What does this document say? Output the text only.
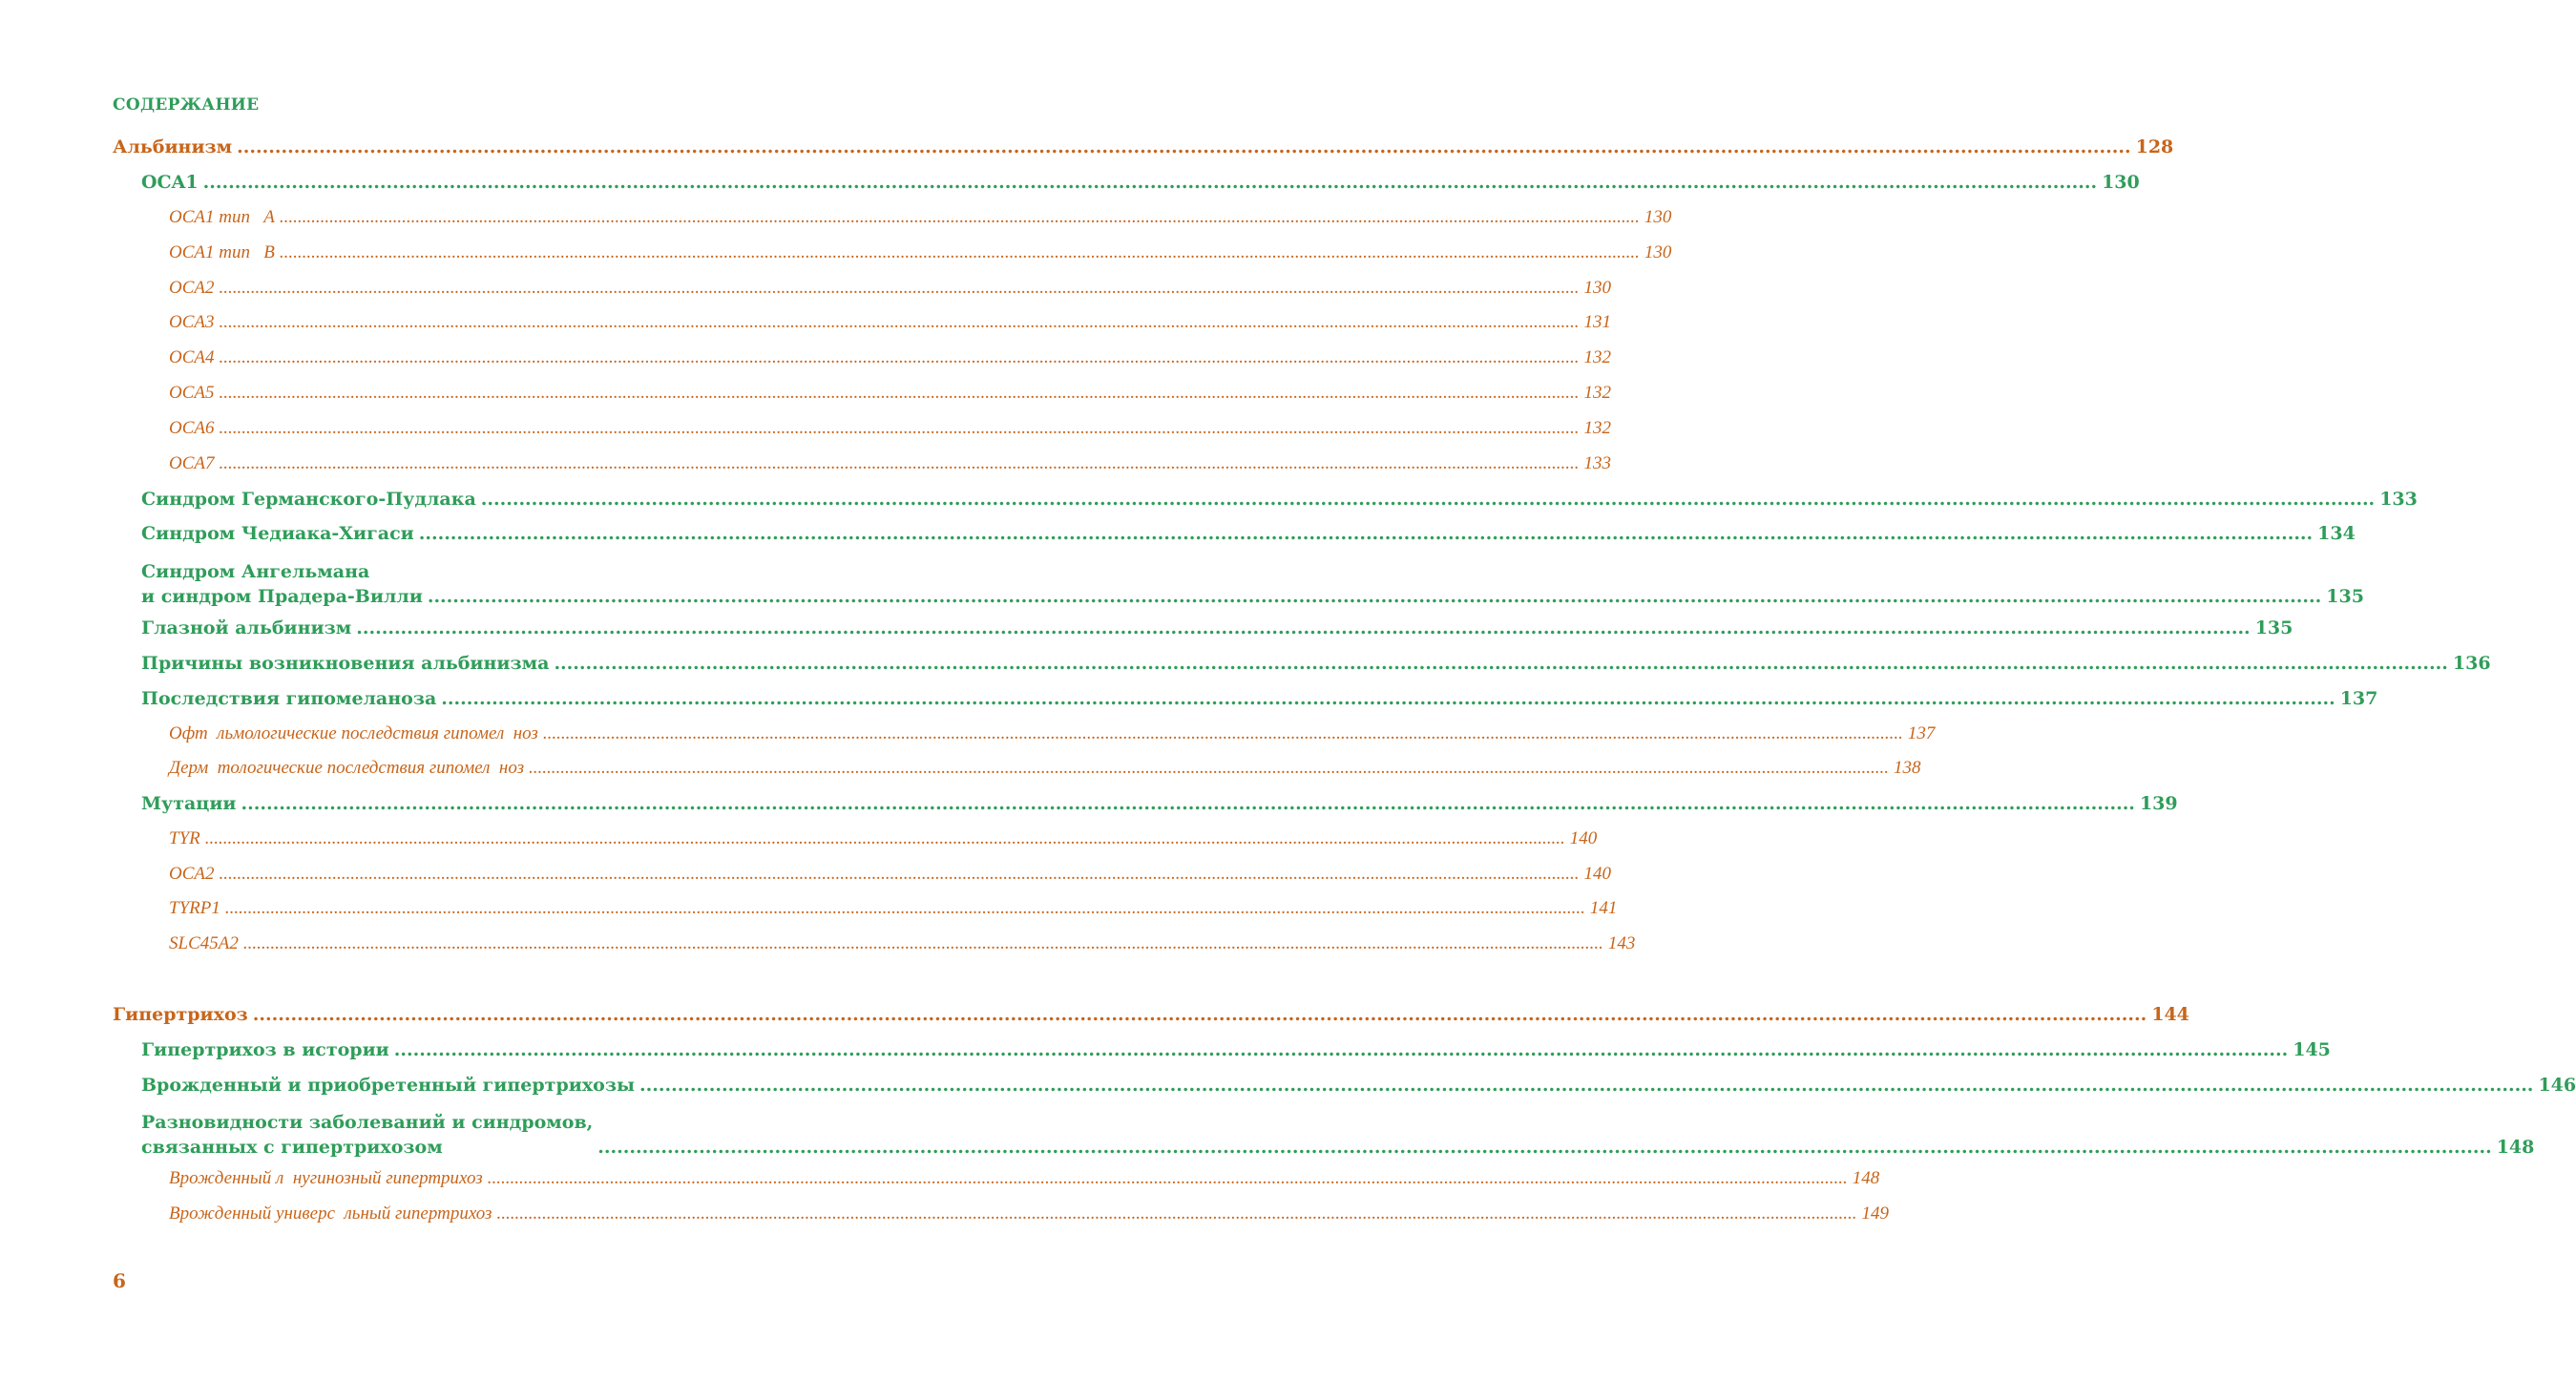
СОДЕРЖАНИЕ
Альбинизм ............................................................................................................................................................................................................................................................................................................ 128
OCA1 ............................................................................................................................................................................................................................................................................................................ 130
OCA1 тип   A ............................................................................................................................................................................................................................................................................................................ 130
OCA1 тип   B ............................................................................................................................................................................................................................................................................................................ 130
OCA2 ............................................................................................................................................................................................................................................................................................................ 130
OCA3 ............................................................................................................................................................................................................................................................................................................ 131
OCA4 ............................................................................................................................................................................................................................................................................................................ 132
OCA5 ............................................................................................................................................................................................................................................................................................................ 132
OCA6 ............................................................................................................................................................................................................................................................................................................ 132
OCA7 ............................................................................................................................................................................................................................................................................................................ 133
Синдром Германского-Пудлака ............................................................................................................................................................................................................................................................................................................ 133
Синдром Чедиака-Хигаси ............................................................................................................................................................................................................................................................................................................ 134
Синдром Ангельмана
и синдром Прадера-Вилли ............................................................................................................................................................................................................................................................................................................ 135
Глазной альбинизм ............................................................................................................................................................................................................................................................................................................ 135
Причины возникновения альбинизма ............................................................................................................................................................................................................................................................................................................ 136
Последствия гипомеланоза ............................................................................................................................................................................................................................................................................................................ 137
Офт  льмологические последствия гипомел  ноз ............................................................................................................................................................................................................................................................................................................ 137
Дерм  тологические последствия гипомел  ноз ............................................................................................................................................................................................................................................................................................................ 138
Мутации ............................................................................................................................................................................................................................................................................................................ 139
TYR ............................................................................................................................................................................................................................................................................................................ 140
OCA2 ............................................................................................................................................................................................................................................................................................................ 140
TYRP1 ............................................................................................................................................................................................................................................................................................................ 141
SLC45A2 ............................................................................................................................................................................................................................................................................................................ 143
Гипертрихоз ............................................................................................................................................................................................................................................................................................................ 144
Гипертрихоз в истории ............................................................................................................................................................................................................................................................................................................ 145
Врожденный и приобретенный гипертрихозы ............................................................................................................................................................................................................................................................................................................ 146
Разновидности заболеваний и синдромов,
связанных с гипертрихозом	............................................................................................................................................................................................................................................................................................................ 148
Врожденный л  нугинозный гипертрихоз ............................................................................................................................................................................................................................................................................................................ 148
Врожденный универс  льный гипертрихоз ............................................................................................................................................................................................................................................................................................................ 149
6
